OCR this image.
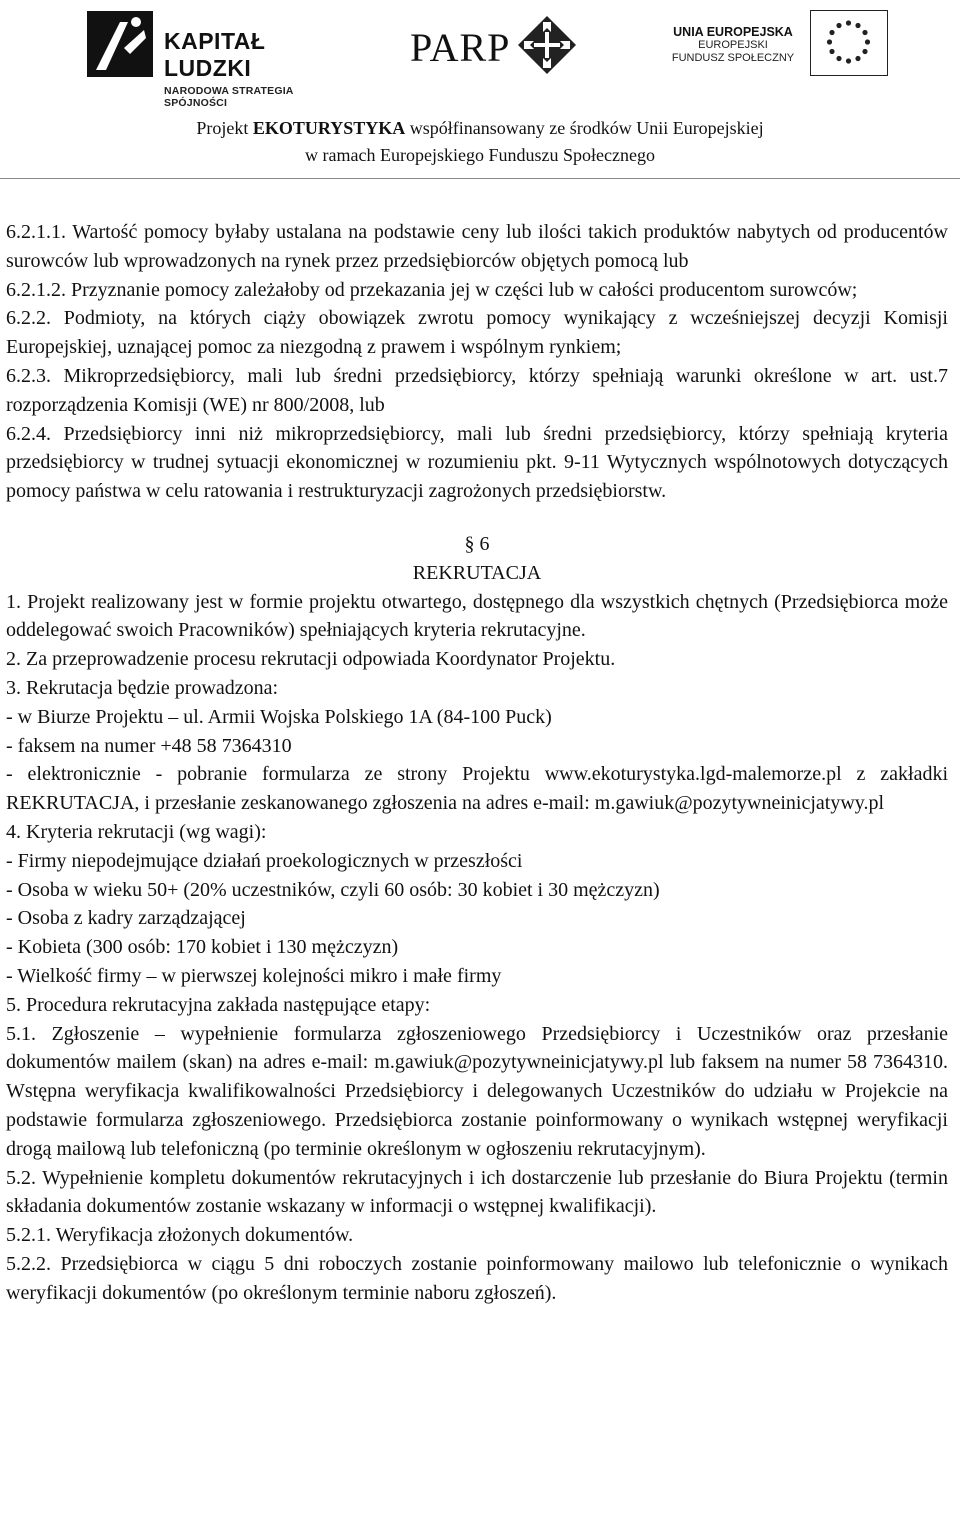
KAPITAŁ LUDZKI
NARODOWA STRATEGIA SPÓJNOŚCI
PARP	UNIA EUROPEJSKA
EUROPEJSKI
FUNDUSZ SPOŁECZNY
Projekt EKOTURYSTYKA współfinansowany ze środków Unii Europejskiej
w ramach Europejskiego Funduszu Społecznego

6.2.1.1. Wartość pomocy byłaby ustalana na podstawie ceny lub ilości takich produktów nabytych od producentów surowców lub wprowadzonych na rynek przez przedsiębiorców objętych pomocą lub

6.2.1.2. Przyznanie pomocy zależałoby od przekazania jej w części lub w całości producentom surowców;

6.2.2. Podmioty, na których ciąży obowiązek zwrotu pomocy wynikający z wcześniejszej decyzji Komisji Europejskiej, uznającej pomoc za niezgodną z prawem i wspólnym rynkiem;

6.2.3. Mikroprzedsiębiorcy, mali lub średni przedsiębiorcy, którzy spełniają warunki określone w art. ust.7 rozporządzenia Komisji (WE) nr 800/2008, lub

6.2.4. Przedsiębiorcy inni niż mikroprzedsiębiorcy, mali lub średni przedsiębiorcy, którzy spełniają kryteria przedsiębiorcy w trudnej sytuacji ekonomicznej w rozumieniu pkt. 9-11 Wytycznych wspólnotowych dotyczących pomocy państwa w celu ratowania i restrukturyzacji zagrożonych przedsiębiorstw.

§ 6
REKRUTACJA

1. Projekt realizowany jest w formie projektu otwartego, dostępnego dla wszystkich chętnych (Przedsiębiorca może oddelegować swoich Pracowników) spełniających kryteria rekrutacyjne.

2. Za przeprowadzenie procesu rekrutacji odpowiada Koordynator Projektu.

3. Rekrutacja będzie prowadzona:

- w Biurze Projektu – ul. Armii Wojska Polskiego 1A (84-100 Puck)

- faksem na numer +48 58 7364310

- elektronicznie - pobranie formularza ze strony Projektu www.ekoturystyka.lgd-malemorze.pl z zakładki REKRUTACJA, i przesłanie zeskanowanego zgłoszenia na adres e-mail: m.gawiuk@pozytywneinicjatywy.pl

4. Kryteria rekrutacji (wg wagi):

- Firmy niepodejmujące działań proekologicznych w przeszłości

- Osoba w wieku 50+ (20% uczestników, czyli 60 osób: 30 kobiet i 30 mężczyzn)

- Osoba z kadry zarządzającej

- Kobieta (300 osób: 170 kobiet i 130 mężczyzn)

- Wielkość firmy – w pierwszej kolejności mikro i małe firmy

5. Procedura rekrutacyjna zakłada następujące etapy:

5.1. Zgłoszenie – wypełnienie formularza zgłoszeniowego Przedsiębiorcy i Uczestników oraz przesłanie dokumentów mailem (skan) na adres e-mail: m.gawiuk@pozytywneinicjatywy.pl lub faksem na numer 58 7364310. Wstępna weryfikacja kwalifikowalności Przedsiębiorcy i delegowanych Uczestników do udziału w Projekcie na podstawie formularza zgłoszeniowego. Przedsiębiorca zostanie poinformowany o wynikach wstępnej weryfikacji drogą mailową lub telefoniczną (po terminie określonym w ogłoszeniu rekrutacyjnym).

5.2. Wypełnienie kompletu dokumentów rekrutacyjnych i ich dostarczenie lub przesłanie do Biura Projektu (termin składania dokumentów zostanie wskazany w informacji o wstępnej kwalifikacji).

5.2.1. Weryfikacja złożonych dokumentów.

5.2.2. Przedsiębiorca w ciągu 5 dni roboczych zostanie poinformowany mailowo lub telefonicznie o wynikach weryfikacji dokumentów (po określonym terminie naboru zgłoszeń).
